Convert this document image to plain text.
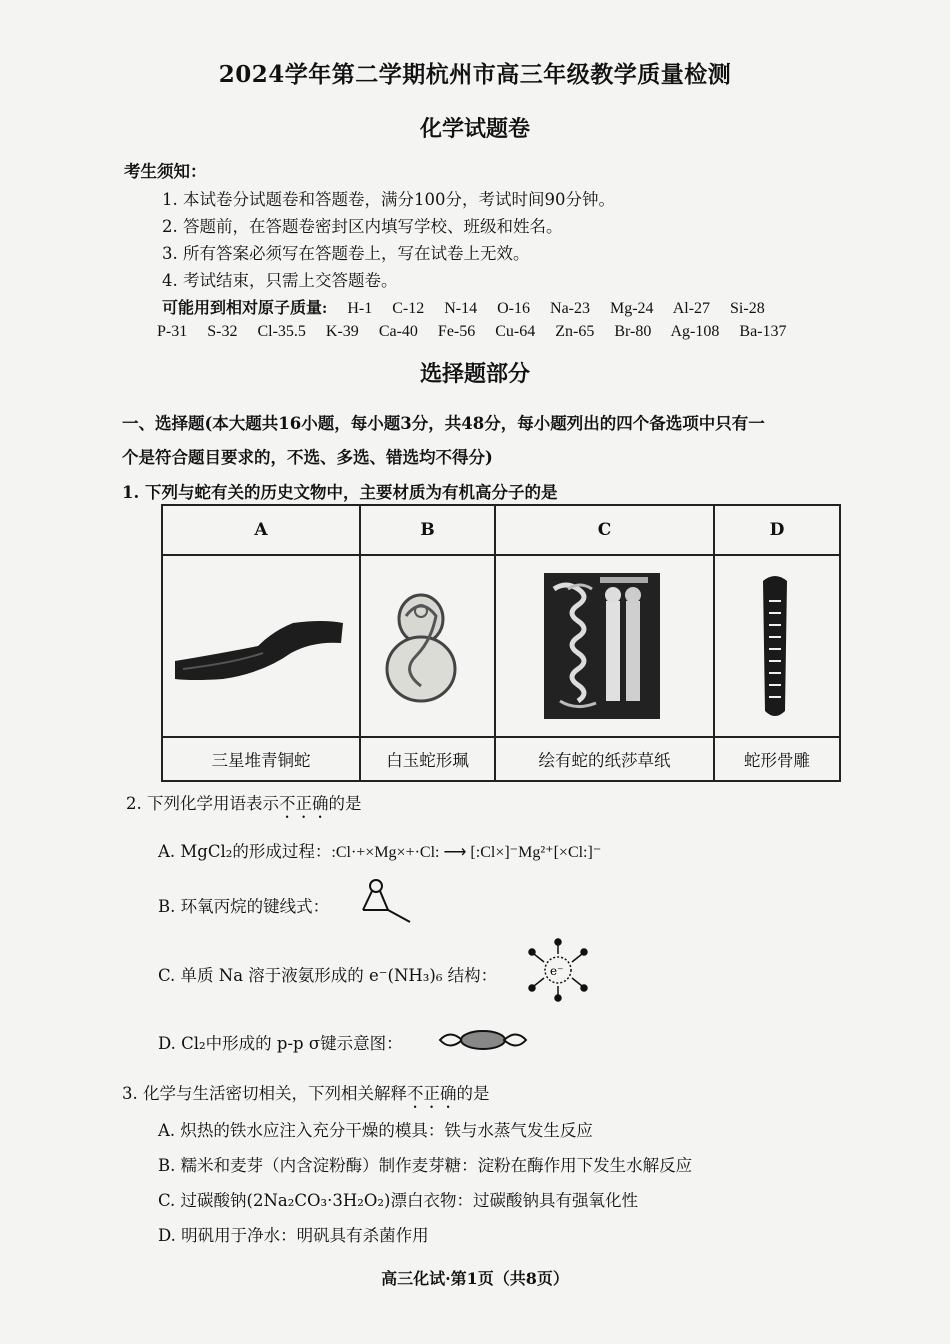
2024学年第二学期杭州市高三年级教学质量检测
化学试题卷
考生须知：
1. 本试卷分试题卷和答题卷，满分100分，考试时间90分钟。
2. 答题前，在答题卷密封区内填写学校、班级和姓名。
3. 所有答案必须写在答题卷上，写在试卷上无效。
4. 考试结束，只需上交答题卷。
可能用到相对原子质量: H-1 C-12 N-14 O-16 Na-23 Mg-24 Al-27 Si-28
P-31 S-32 Cl-35.5 K-39 Ca-40 Fe-56 Cu-64 Zn-65 Br-80 Ag-108 Ba-137
选择题部分
一、选择题(本大题共16小题，每小题3分，共48分，每小题列出的四个备选项中只有一
个是符合题目要求的，不选、多选、错选均不得分)
1. 下列与蛇有关的历史文物中，主要材质为有机高分子的是
A	B	C	D

三星堆青铜蛇	白玉蛇形珮	绘有蛇的纸莎草纸	蛇形骨雕
2. 下列化学用语表示不正确的是
A. MgCl₂的形成过程：:Cl·+×Mg×+·Cl: ⟶ [:Cl×]⁻Mg²⁺[×Cl:]⁻
B. 环氧丙烷的键线式：
C. 单质 Na 溶于液氨形成的 e⁻(NH₃)₆ 结构：	e⁻
D. Cl₂中形成的 p-p σ键示意图：
3. 化学与生活密切相关，下列相关解释不正确的是
A. 炽热的铁水应注入充分干燥的模具：铁与水蒸气发生反应
B. 糯米和麦芽（内含淀粉酶）制作麦芽糖：淀粉在酶作用下发生水解反应
C. 过碳酸钠(2Na₂CO₃·3H₂O₂)漂白衣物：过碳酸钠具有强氧化性
D. 明矾用于净水：明矾具有杀菌作用
高三化试·第1页（共8页）
